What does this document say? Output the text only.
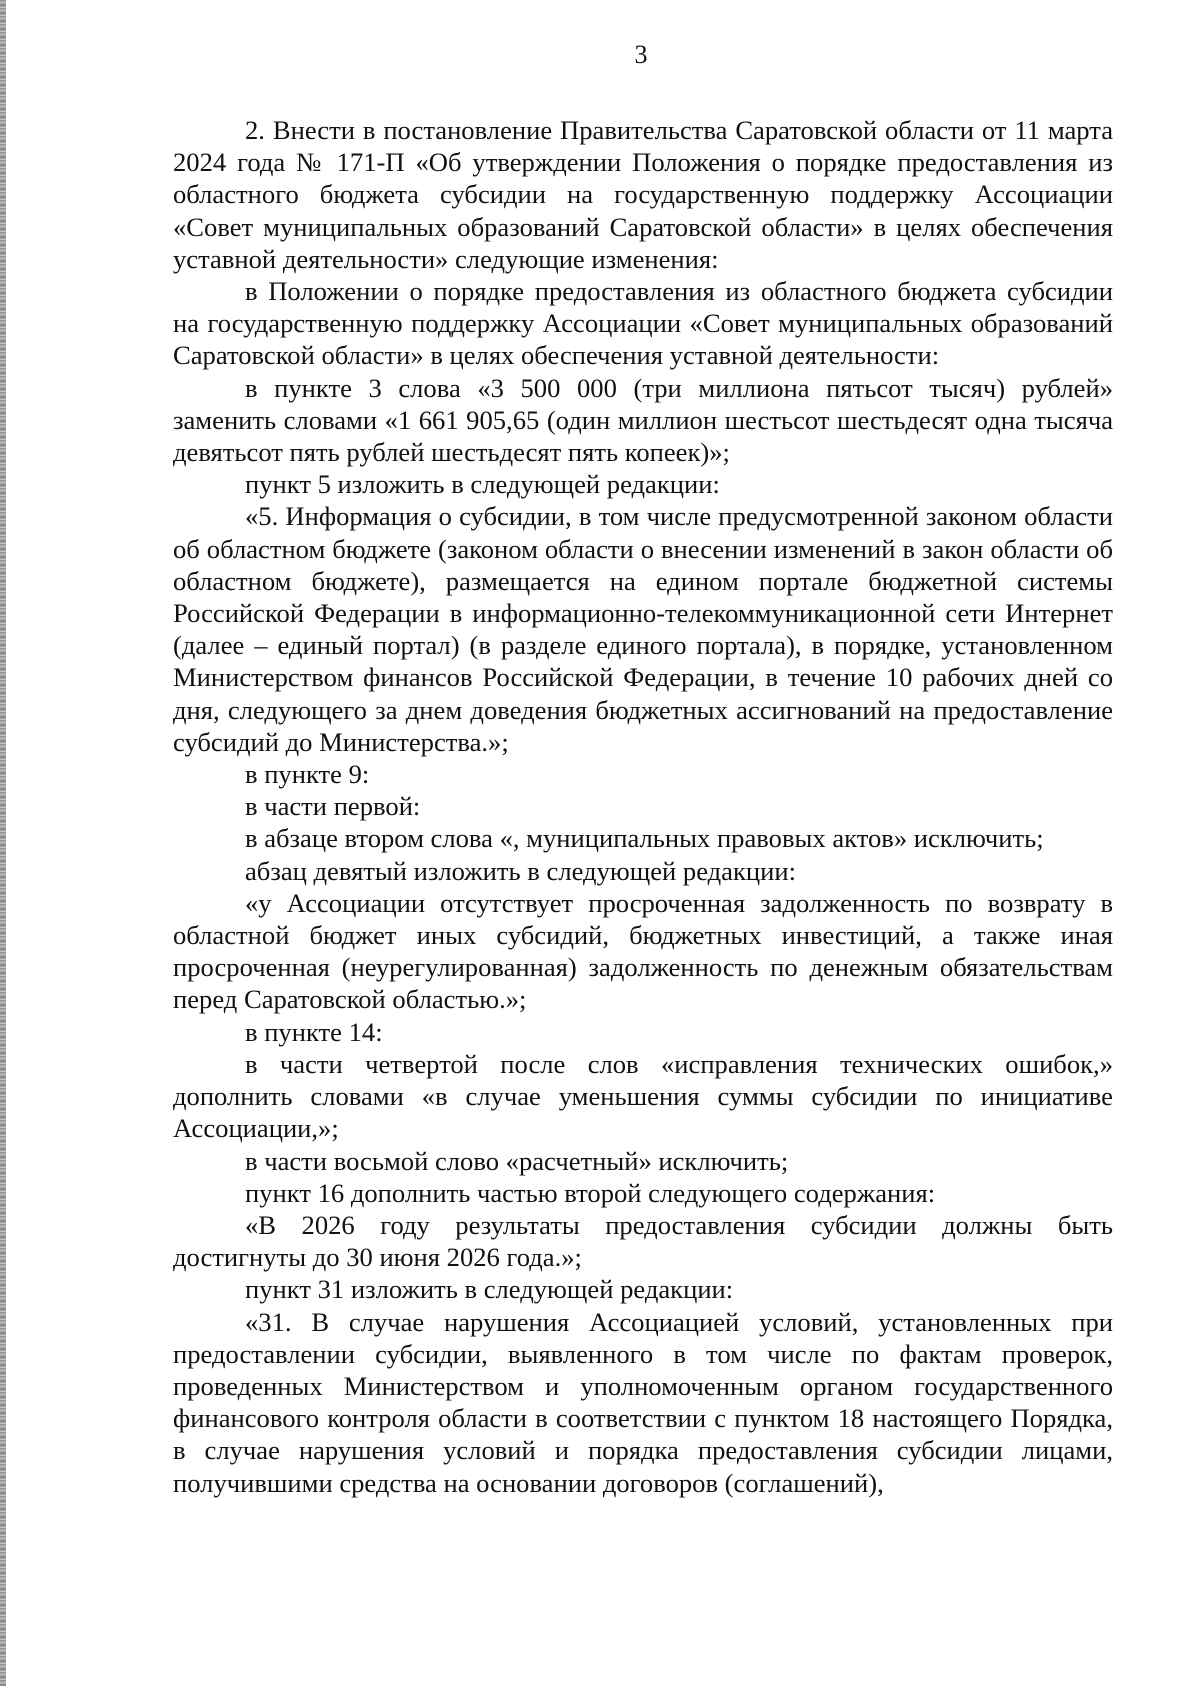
3

2. Внести в постановление Правительства Саратовской области от 11 марта 2024 года № 171-П «Об утверждении Положения о порядке предоставления из областного бюджета субсидии на государственную поддержку Ассоциации «Совет муниципальных образований Саратовской области» в целях обеспечения уставной деятельности» следующие изменения:

в Положении о порядке предоставления из областного бюджета субсидии на государственную поддержку Ассоциации «Совет муниципальных образований Саратовской области» в целях обеспечения уставной деятельности:

в пункте 3 слова «3 500 000 (три миллиона пятьсот тысяч) рублей» заменить словами «1 661 905,65 (один миллион шестьсот шестьдесят одна тысяча девятьсот пять рублей шестьдесят пять копеек)»;

пункт 5 изложить в следующей редакции:

«5. Информация о субсидии, в том числе предусмотренной законом области об областном бюджете (законом области о внесении изменений в закон области об областном бюджете), размещается на едином портале бюджетной системы Российской Федерации в информационно-телекоммуникационной сети Интернет (далее – единый портал) (в разделе единого портала), в порядке, установленном Министерством финансов Российской Федерации, в течение 10 рабочих дней со дня, следующего за днем доведения бюджетных ассигнований на предоставление субсидий до Министерства.»;

в пункте 9:

в части первой:

в абзаце втором слова «, муниципальных правовых актов» исключить;

абзац девятый изложить в следующей редакции:

«у Ассоциации отсутствует просроченная задолженность по возврату в областной бюджет иных субсидий, бюджетных инвестиций, а также иная просроченная (неурегулированная) задолженность по денежным обязательствам перед Саратовской областью.»;

в пункте 14:

в части четвертой после слов «исправления технических ошибок,» дополнить словами «в случае уменьшения суммы субсидии по инициативе Ассоциации,»;

в части восьмой слово «расчетный» исключить;

пункт 16 дополнить частью второй следующего содержания:

«В 2026 году результаты предоставления субсидии должны быть достигнуты до 30 июня 2026 года.»;

пункт 31 изложить в следующей редакции:

«31. В случае нарушения Ассоциацией условий, установленных при предоставлении субсидии, выявленного в том числе по фактам проверок, проведенных Министерством и уполномоченным органом государственного финансового контроля области в соответствии с пунктом 18 настоящего Порядка, в случае нарушения условий и порядка предоставления субсидии лицами, получившими средства на основании договоров (соглашений),
